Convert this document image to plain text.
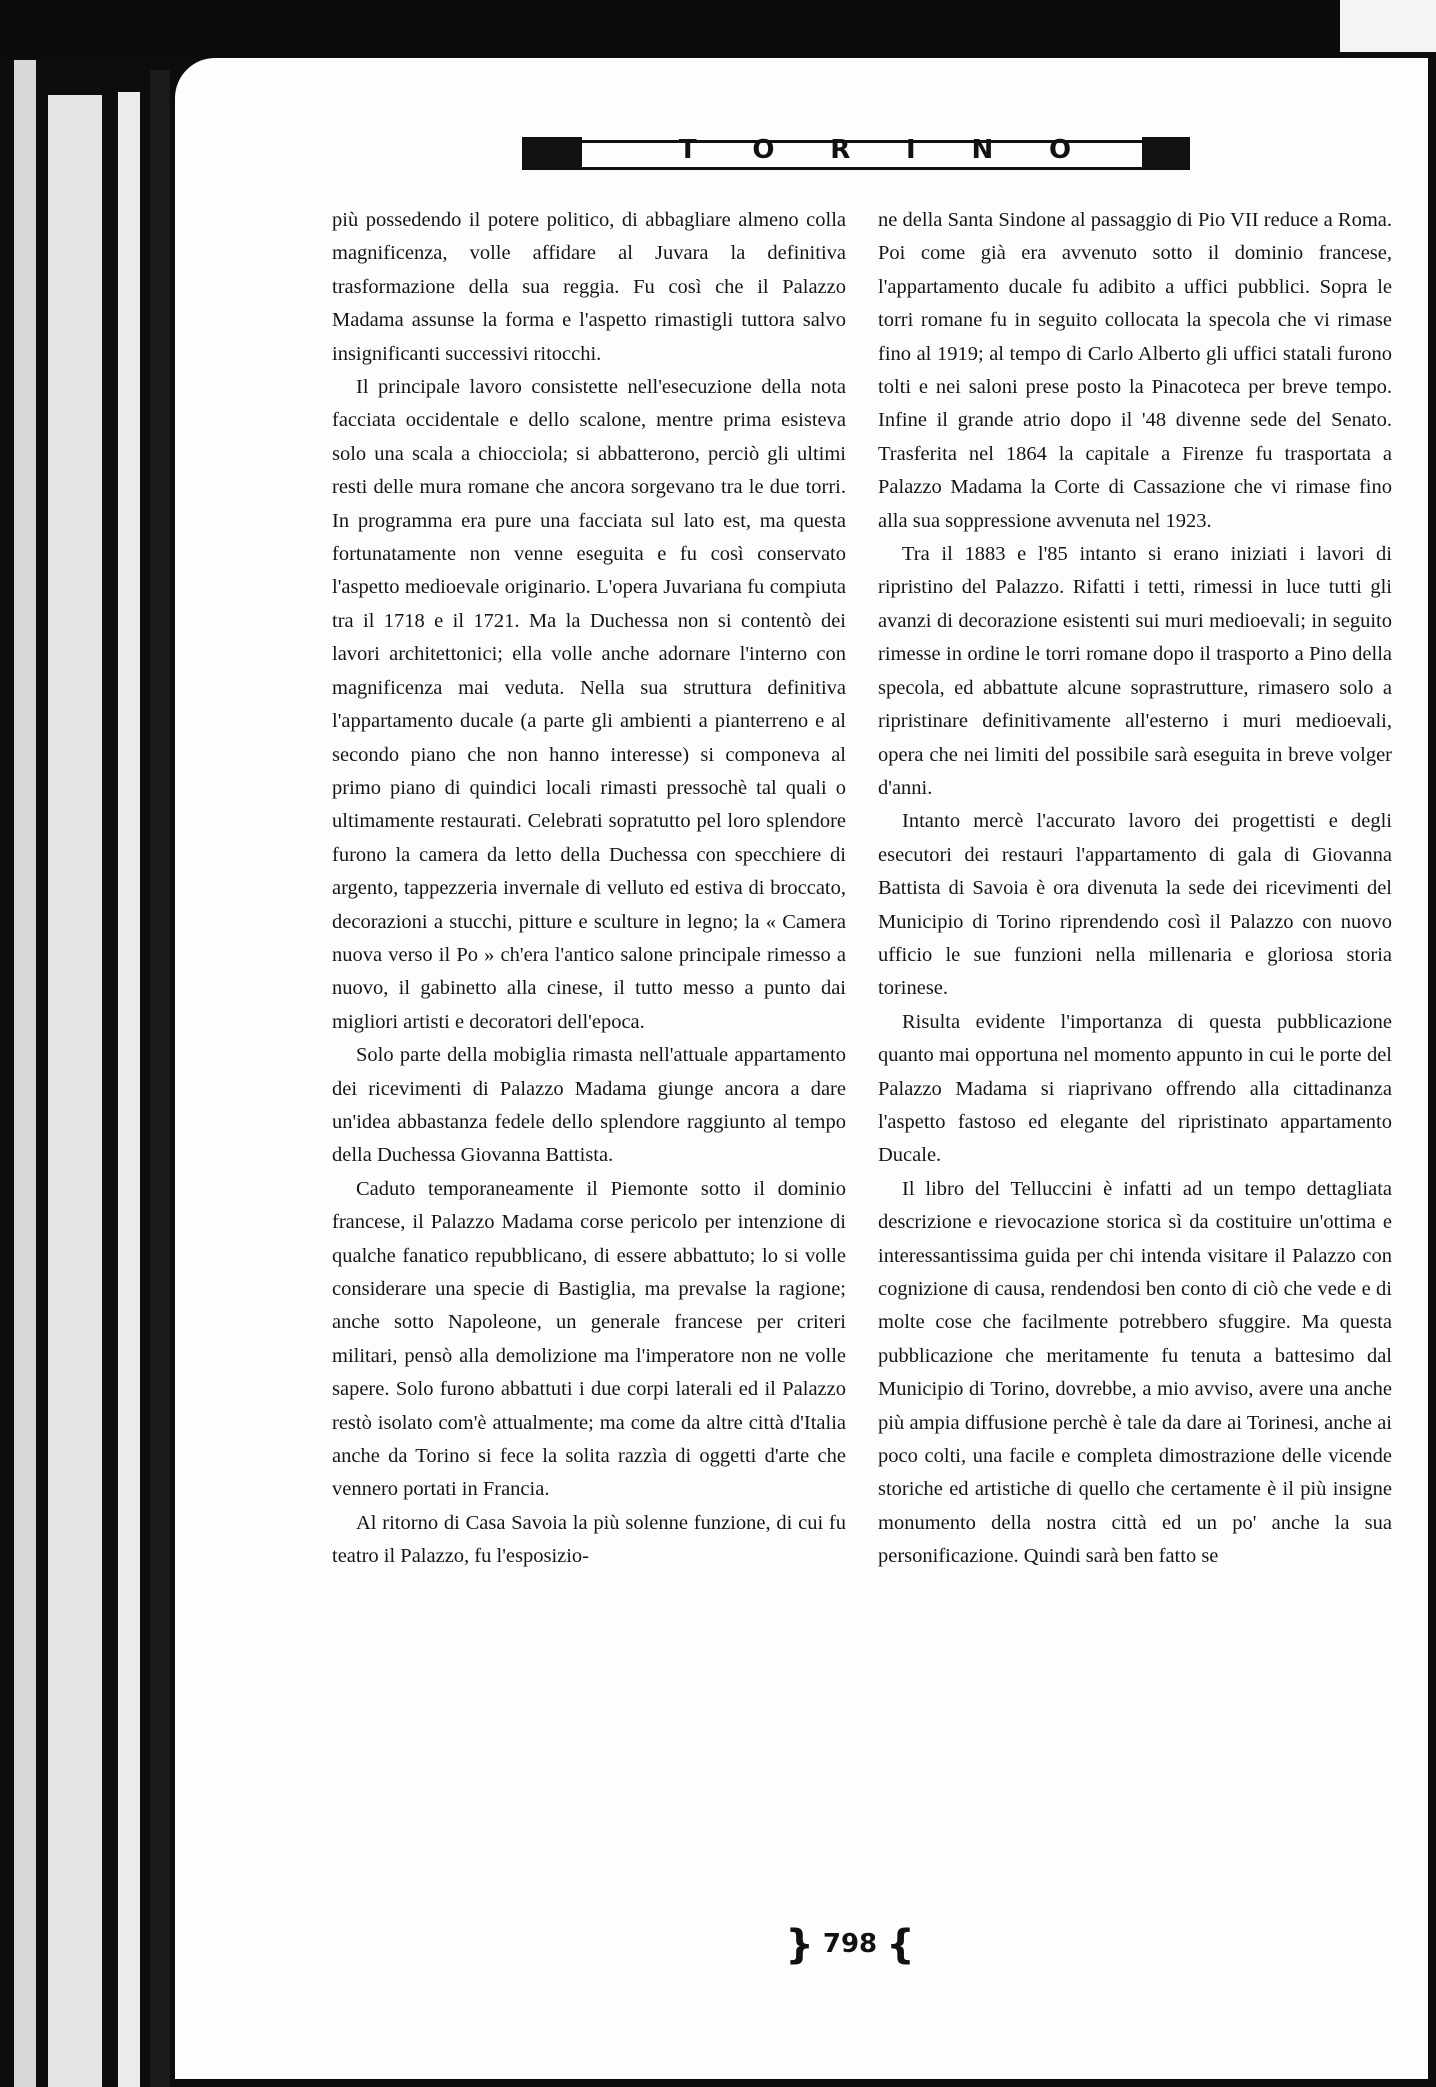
T O R I N O

più possedendo il potere politico, di abbagliare almeno colla magnificenza, volle affidare al Juvara la definitiva trasformazione della sua reggia. Fu così che il Palazzo Madama assunse la forma e l'aspetto rimastigli tuttora salvo insignificanti successivi ritocchi.

Il principale lavoro consistette nell'esecuzione della nota facciata occidentale e dello scalone, mentre prima esisteva solo una scala a chiocciola; si abbatterono, perciò gli ultimi resti delle mura romane che ancora sorgevano tra le due torri. In programma era pure una facciata sul lato est, ma questa fortunatamente non venne eseguita e fu così conservato l'aspetto medioevale originario. L'opera Juvariana fu compiuta tra il 1718 e il 1721. Ma la Duchessa non si contentò dei lavori architettonici; ella volle anche adornare l'interno con magnificenza mai veduta. Nella sua struttura definitiva l'appartamento ducale (a parte gli ambienti a pianterreno e al secondo piano che non hanno interesse) si componeva al primo piano di quindici locali rimasti pressochè tal quali o ultimamente restaurati. Celebrati sopratutto pel loro splendore furono la camera da letto della Duchessa con specchiere di argento, tappezzeria invernale di velluto ed estiva di broccato, decorazioni a stucchi, pitture e sculture in legno; la « Camera nuova verso il Po » ch'era l'antico salone principale rimesso a nuovo, il gabinetto alla cinese, il tutto messo a punto dai migliori artisti e decoratori dell'epoca.

Solo parte della mobiglia rimasta nell'attuale appartamento dei ricevimenti di Palazzo Madama giunge ancora a dare un'idea abbastanza fedele dello splendore raggiunto al tempo della Duchessa Giovanna Battista.

Caduto temporaneamente il Piemonte sotto il dominio francese, il Palazzo Madama corse pericolo per intenzione di qualche fanatico repubblicano, di essere abbattuto; lo si volle considerare una specie di Bastiglia, ma prevalse la ragione; anche sotto Napoleone, un generale francese per criteri militari, pensò alla demolizione ma l'imperatore non ne volle sapere. Solo furono abbattuti i due corpi laterali ed il Palazzo restò isolato com'è attualmente; ma come da altre città d'Italia anche da Torino si fece la solita razzìa di oggetti d'arte che vennero portati in Francia.

Al ritorno di Casa Savoia la più solenne funzione, di cui fu teatro il Palazzo, fu l'esposizio-

ne della Santa Sindone al passaggio di Pio VII reduce a Roma. Poi come già era avvenuto sotto il dominio francese, l'appartamento ducale fu adibito a uffici pubblici. Sopra le torri romane fu in seguito collocata la specola che vi rimase fino al 1919; al tempo di Carlo Alberto gli uffici statali furono tolti e nei saloni prese posto la Pinacoteca per breve tempo. Infine il grande atrio dopo il '48 divenne sede del Senato. Trasferita nel 1864 la capitale a Firenze fu trasportata a Palazzo Madama la Corte di Cassazione che vi rimase fino alla sua soppressione avvenuta nel 1923.

Tra il 1883 e l'85 intanto si erano iniziati i lavori di ripristino del Palazzo. Rifatti i tetti, rimessi in luce tutti gli avanzi di decorazione esistenti sui muri medioevali; in seguito rimesse in ordine le torri romane dopo il trasporto a Pino della specola, ed abbattute alcune soprastrutture, rimasero solo a ripristinare definitivamente all'esterno i muri medioevali, opera che nei limiti del possibile sarà eseguita in breve volger d'anni.

Intanto mercè l'accurato lavoro dei progettisti e degli esecutori dei restauri l'appartamento di gala di Giovanna Battista di Savoia è ora divenuta la sede dei ricevimenti del Municipio di Torino riprendendo così il Palazzo con nuovo ufficio le sue funzioni nella millenaria e gloriosa storia torinese.

Risulta evidente l'importanza di questa pubblicazione quanto mai opportuna nel momento appunto in cui le porte del Palazzo Madama si riaprivano offrendo alla cittadinanza l'aspetto fastoso ed elegante del ripristinato appartamento Ducale.

Il libro del Telluccini è infatti ad un tempo dettagliata descrizione e rievocazione storica sì da costituire un'ottima e interessantissima guida per chi intenda visitare il Palazzo con cognizione di causa, rendendosi ben conto di ciò che vede e di molte cose che facilmente potrebbero sfuggire. Ma questa pubblicazione che meritamente fu tenuta a battesimo dal Municipio di Torino, dovrebbe, a mio avviso, avere una anche più ampia diffusione perchè è tale da dare ai Torinesi, anche ai poco colti, una facile e completa dimostrazione delle vicende storiche ed artistiche di quello che certamente è il più insigne monumento della nostra città ed un po' anche la sua personificazione. Quindi sarà ben fatto se

} 798 {
